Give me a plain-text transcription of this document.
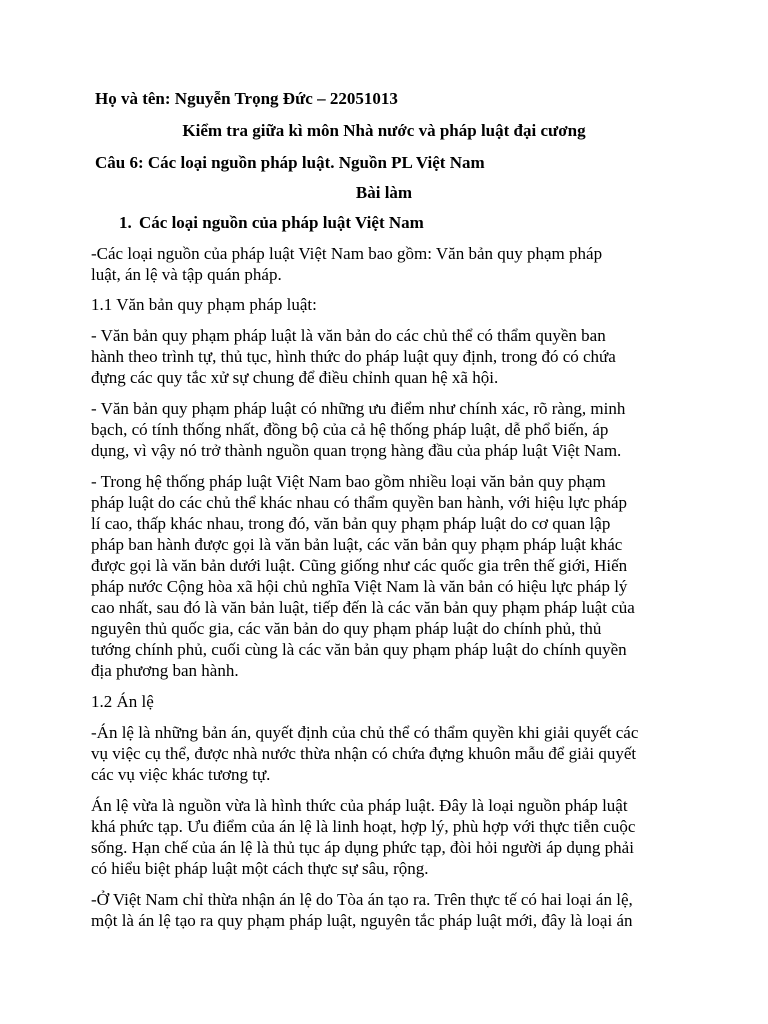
Họ và tên: Nguyễn Trọng Đức – 22051013
Kiểm tra giữa kì môn Nhà nước và pháp luật đại cương
Câu 6: Các loại nguồn pháp luật. Nguồn PL Việt Nam
Bài làm
1. Các loại nguồn của pháp luật Việt Nam
-Các loại nguồn của pháp luật Việt Nam bao gồm: Văn bản quy phạm pháp
luật, án lệ và tập quán pháp.
1.1 Văn bản quy phạm pháp luật:
- Văn bản quy phạm pháp luật là văn bản do các chủ thể có thẩm quyền ban
hành theo trình tự, thủ tục, hình thức do pháp luật quy định, trong đó có chứa
đựng các quy tắc xử sự chung để điều chỉnh quan hệ xã hội.
- Văn bản quy phạm pháp luật có những ưu điểm như chính xác, rõ ràng, minh
bạch, có tính thống nhất, đồng bộ của cả hệ thống pháp luật, dễ phổ biến, áp
dụng, vì vậy nó trở thành nguồn quan trọng hàng đầu của pháp luật Việt Nam.
- Trong hệ thống pháp luật Việt Nam bao gồm nhiều loại văn bản quy phạm
pháp luật do các chủ thể khác nhau có thẩm quyền ban hành, với hiệu lực pháp
lí cao, thấp khác nhau, trong đó, văn bản quy phạm pháp luật do cơ quan lập
pháp ban hành được gọi là văn bản luật, các văn bản quy phạm pháp luật khác
được gọi là văn bản dưới luật. Cũng giống như các quốc gia trên thế giới, Hiến
pháp nước Cộng hòa xã hội chủ nghĩa Việt Nam là văn bản có hiệu lực pháp lý
cao nhất, sau đó là văn bản luật, tiếp đến là các văn bản quy phạm pháp luật của
nguyên thủ quốc gia, các văn bản do quy phạm pháp luật do chính phủ, thủ
tướng chính phủ, cuối cùng là các văn bản quy phạm pháp luật do chính quyền
địa phương ban hành.
1.2 Án lệ
-Án lệ là những bản án, quyết định của chủ thể có thẩm quyền khi giải quyết các
vụ việc cụ thể, được nhà nước thừa nhận có chứa đựng khuôn mẫu để giải quyết
các vụ việc khác tương tự.
Án lệ vừa là nguồn vừa là hình thức của pháp luật. Đây là loại nguồn pháp luật
khá phức tạp. Ưu điểm của án lệ là linh hoạt, hợp lý, phù hợp với thực tiễn cuộc
sống. Hạn chế của án lệ là thủ tục áp dụng phức tạp, đòi hỏi người áp dụng phải
có hiểu biệt pháp luật một cách thực sự sâu, rộng.
-Ở Việt Nam chỉ thừa nhận án lệ do Tòa án tạo ra. Trên thực tế có hai loại án lệ,
một là án lệ tạo ra quy phạm pháp luật, nguyên tắc pháp luật mới, đây là loại án
